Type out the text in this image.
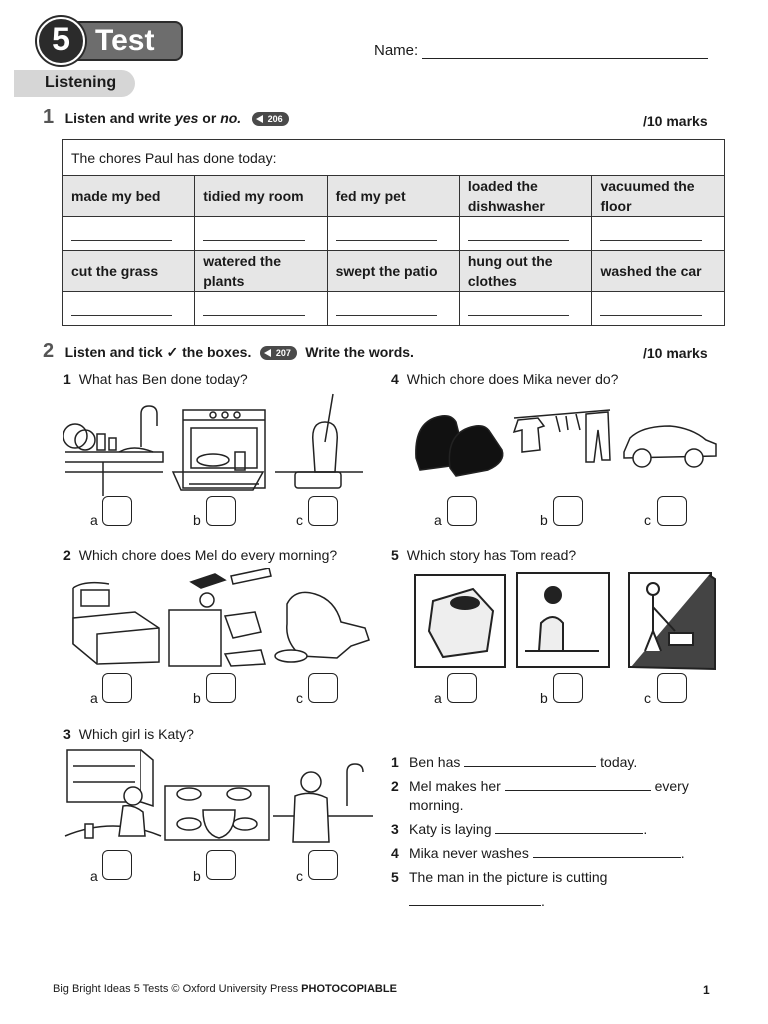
Test
5	Name:
Listening
1 Listen and write yes or no.	206	/10 marks
The chores Paul has done today:				
made my bed	tidied my room	fed my pet	loaded the dishwasher	vacuumed the floor

cut the grass	watered the plants	swept the patio	hung out the clothes	washed the car

2 Listen and tick ✓ the boxes.	207 Write the words.	/10 marks
1 What has Ben done today?
a	b	c
4 Which chore does Mika never do?
a	b	c
2 Which chore does Mel do every morning?
a	b	c
5 Which story has Tom read?
a	b	c
3 Which girl is Katy?
a	b	c
1 Ben has	today.
2 Mel makes her	every
morning.
3 Katy is laying	.
4 Mika never washes	.
5 The man in the picture is cutting
.
Big Bright Ideas 5 Tests © Oxford University Press PHOTOCOPIABLE	1
